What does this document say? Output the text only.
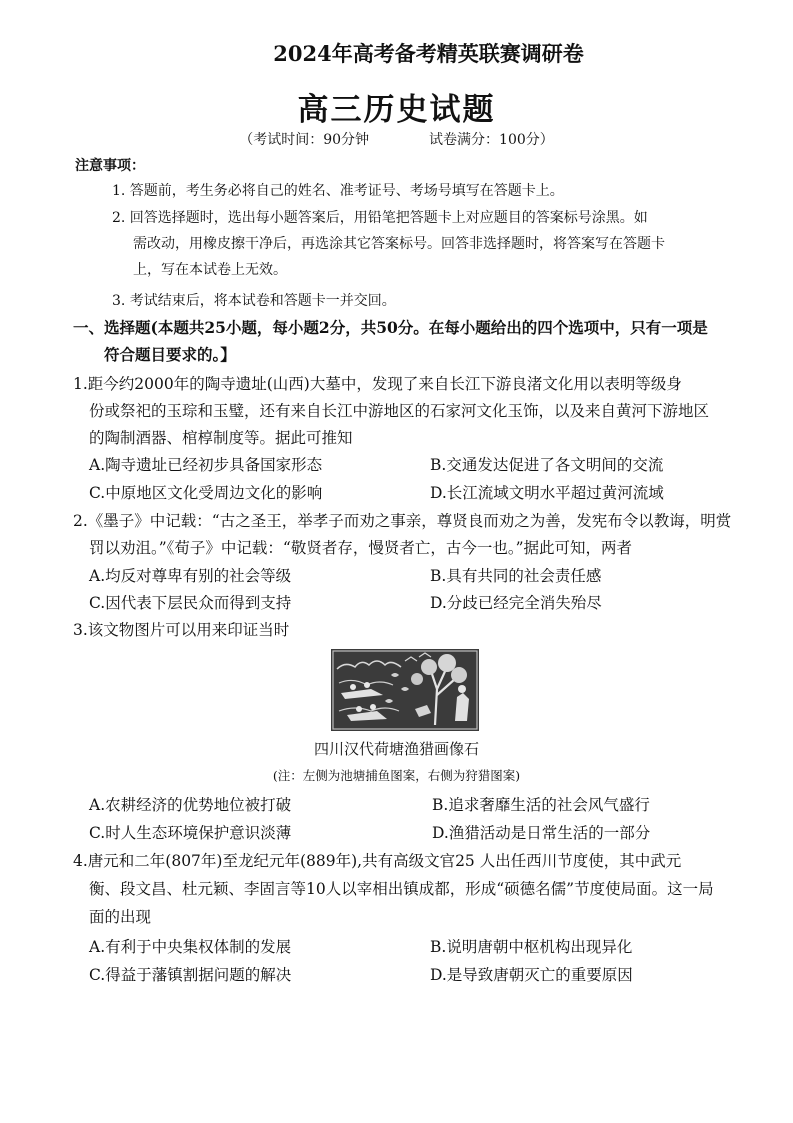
2024年高考备考精英联赛调研卷
高三历史试题
（考试时间：90分钟	试卷满分：100分）
注意事项：
1. 答题前，考生务必将自己的姓名、准考证号、考场号填写在答题卡上。
2. 回答选择题时，选出每小题答案后，用铅笔把答题卡上对应题目的答案标号涂黑。如
需改动，用橡皮擦干净后，再选涂其它答案标号。回答非选择题时，将答案写在答题卡
上，写在本试卷上无效。
3. 考试结束后，将本试卷和答题卡一并交回。
一、选择题(本题共25小题，每小题2分，共50分。在每小题给出的四个选项中，只有一项是
符合题目要求的。】
1.距今约2000年的陶寺遗址(山西)大墓中，发现了来自长江下游良渚文化用以表明等级身
份或祭祀的玉琮和玉璧，还有来自长江中游地区的石家河文化玉饰，以及来自黄河下游地区
的陶制酒器、棺椁制度等。据此可推知
A.陶寺遗址已经初步具备国家形态	B.交通发达促进了各文明间的交流
C.中原地区文化受周边文化的影响	D.长江流域文明水平超过黄河流域
2.《墨子》中记载：“古之圣王，举孝子而劝之事亲，尊贤良而劝之为善，发宪布令以教诲，明赏
罚以劝沮。”《荀子》中记载：“敬贤者存，慢贤者亡，古今一也。”据此可知，两者
A.均反对尊卑有别的社会等级	B.具有共同的社会责任感
C.因代表下层民众而得到支持	D.分歧已经完全消失殆尽
3.该文物图片可以用来印证当时
四川汉代荷塘渔猎画像石
(注：左侧为池塘捕鱼图案，右侧为狩猎图案)
A.农耕经济的优势地位被打破	B.追求奢靡生活的社会风气盛行
C.时人生态环境保护意识淡薄	D.渔猎活动是日常生活的一部分
4.唐元和二年(807年)至龙纪元年(889年),共有高级文官25 人出任西川节度使，其中武元
衡、段文昌、杜元颖、李固言等10人以宰相出镇成都，形成“硕德名儒”节度使局面。这一局
面的出现
A.有利于中央集权体制的发展	B.说明唐朝中枢机构出现异化
C.得益于藩镇割据问题的解决	D.是导致唐朝灭亡的重要原因
